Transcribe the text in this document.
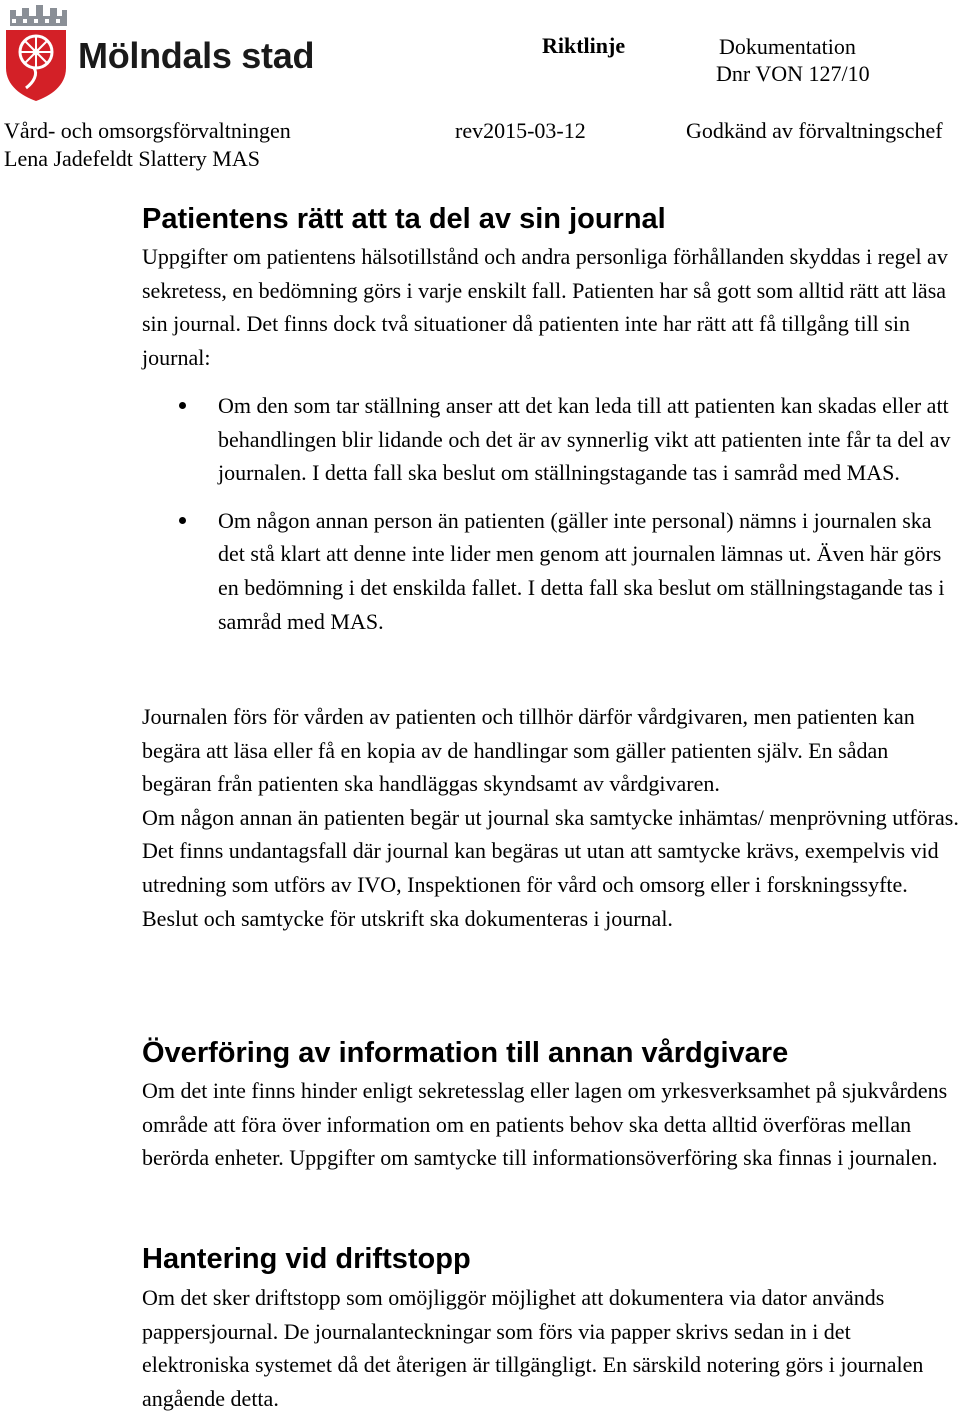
Mölndals stad	Riktlinje	Dokumentation
Dnr VON 127/10
Vård- och omsorgsförvaltningen
Lena Jadefeldt Slattery MAS
rev2015-03-12	Godkänd av förvaltningschef
Patientens rätt att ta del av sin journal

Uppgifter om patientens hälsotillstånd och andra personliga förhållanden skyddas i regel av sekretess, en bedömning görs i varje enskilt fall. Patienten har så gott som alltid rätt att läsa sin journal. Det finns dock två situationer då patienten inte har rätt att få tillgång till sin journal:

Om den som tar ställning anser att det kan leda till att patienten kan skadas eller att behandlingen blir lidande och det är av synnerlig vikt att patienten inte får ta del av journalen. I detta fall ska beslut om ställningstagande tas i samråd med MAS.
Om någon annan person än patienten (gäller inte personal) nämns i journalen ska det stå klart att denne inte lider men genom att journalen lämnas ut. Även här görs en bedömning i det enskilda fallet. I detta fall ska beslut om ställningstagande tas i samråd med MAS.

Journalen förs för vården av patienten och tillhör därför vårdgivaren, men patienten kan begära att läsa eller få en kopia av de handlingar som gäller patienten själv. En sådan begäran från patienten ska handläggas skyndsamt av vårdgivaren.

Om någon annan än patienten begär ut journal ska samtycke inhämtas/ menprövning utföras. Det finns undantagsfall där journal kan begäras ut utan att samtycke krävs, exempelvis vid utredning som utförs av IVO, Inspektionen för vård och omsorg eller i forskningssyfte. Beslut och samtycke för utskrift ska dokumenteras i journal.

Överföring av information till annan vårdgivare

Om det inte finns hinder enligt sekretesslag eller lagen om yrkesverksamhet på sjukvårdens område att föra över information om en patients behov ska detta alltid överföras mellan berörda enheter. Uppgifter om samtycke till informationsöverföring ska finnas i journalen.

Hantering vid driftstopp

Om det sker driftstopp som omöjliggör möjlighet att dokumentera via dator används pappersjournal. De journalanteckningar som förs via papper skrivs sedan in i det elektroniska systemet då det återigen är tillgängligt. En särskild notering görs i journalen angående detta.
